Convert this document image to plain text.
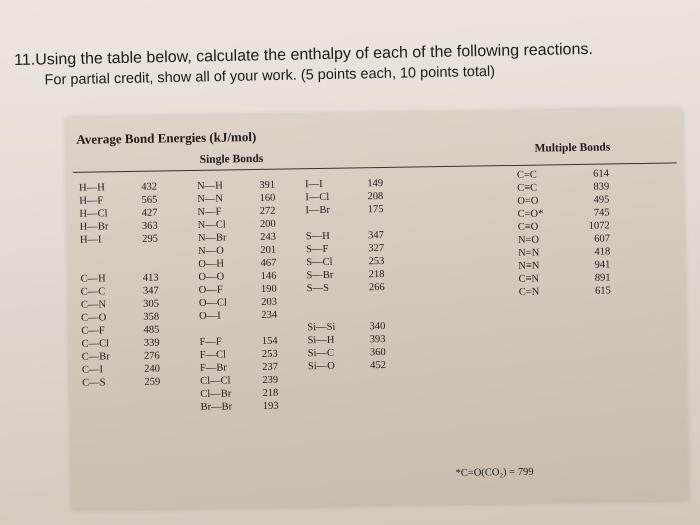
11.Using the table below, calculate the enthalpy of each of the following reactions.
For partial credit, show all of your work. (5 points each, 10 points total)
Average Bond Energies (kJ/mol)
Single Bonds
Multiple Bonds
H—H	432
H—F	565
H—Cl	427
H—Br	363
H—I	295
C—H	413
C—C	347
C—N	305
C—O	358
C—F	485
C—Cl	339
C—Br	276
C—I	240
C—S	259
N—H	391
N—N	160
N—F	272
N—Cl	200
N—Br	243
N—O	201
O—H	467
O—O	146
O—F	190
O—Cl	203
O—I	234
F—F	154
F—Cl	253
F—Br	237
Cl—Cl	239
Cl—Br	218
Br—Br	193
I—I	149
I—Cl	208
I—Br	175
S—H	347
S—F	327
S—Cl	253
S—Br	218
S—S	266
Si—Si	340
Si—H	393
Si—C	360
Si—O	452
C=C	614
C≡C	839
O=O	495
C=O*	745
C≡O	1072
N=O	607
N=N	418
N≡N	941
C≡N	891
C=N	615
*C=O(CO₂) = 799
